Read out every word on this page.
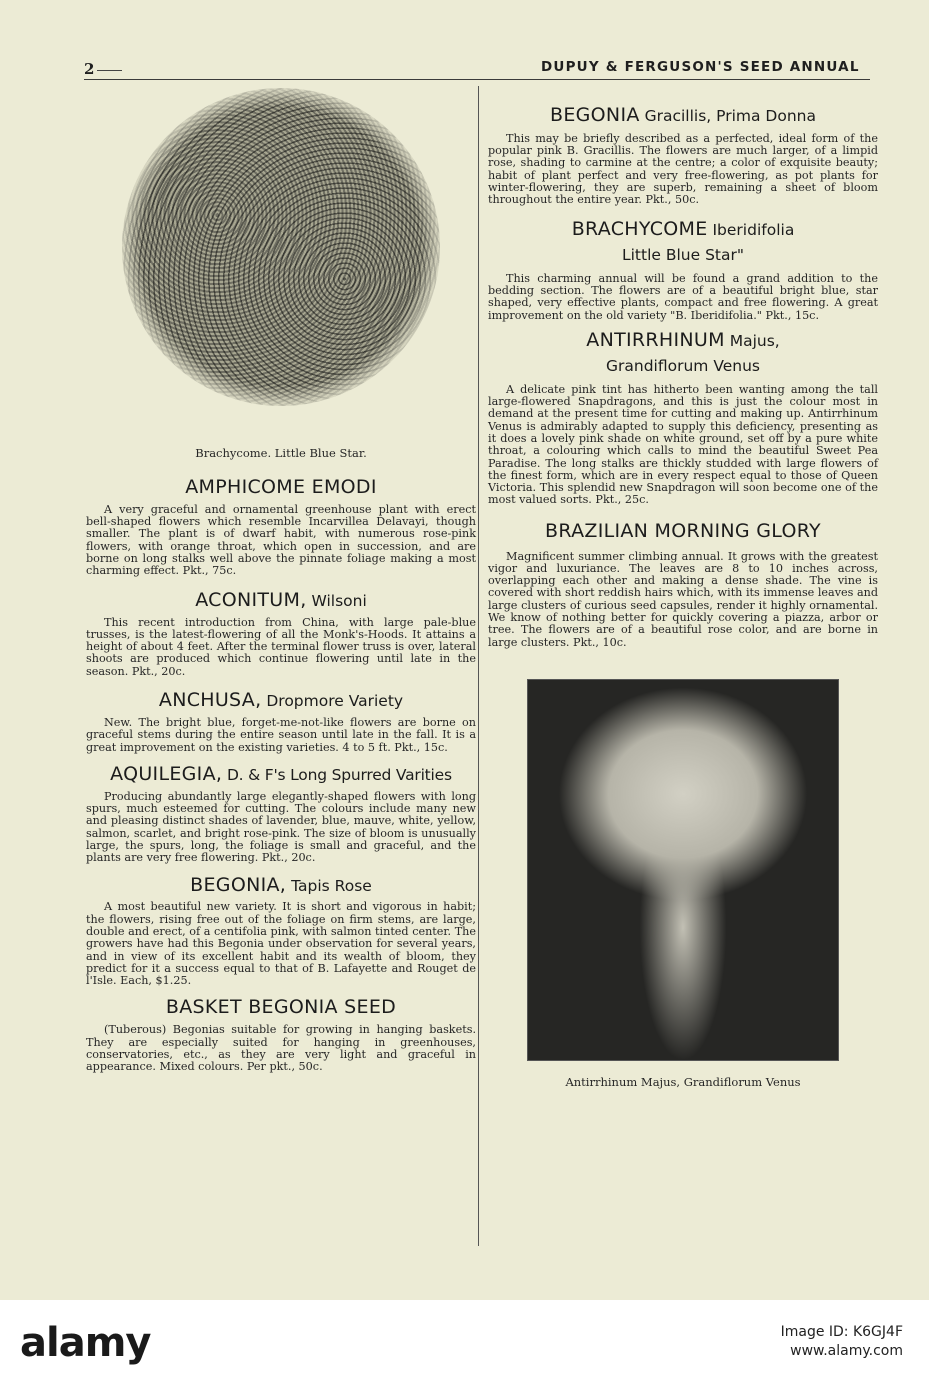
2	DUPUY & FERGUSON'S SEED ANNUAL

Brachycome. Little Blue Star.

AMPHICOME EMODI

A very graceful and ornamental greenhouse plant with erect bell-shaped flowers which resemble Incarvillea Delavayi, though smaller. The plant is of dwarf habit, with numerous rose-pink flowers, with orange throat, which open in succession, and are borne on long stalks well above the pinnate foliage making a most charming effect. Pkt., 75c.

ACONITUM, Wilsoni

This recent introduction from China, with large pale-blue trusses, is the latest-flowering of all the Monk's-Hoods. It attains a height of about 4 feet. After the terminal flower truss is over, lateral shoots are produced which continue flowering until late in the season. Pkt., 20c.

ANCHUSA, Dropmore Variety

New. The bright blue, forget-me-not-like flowers are borne on graceful stems during the entire season until late in the fall. It is a great improvement on the existing varieties. 4 to 5 ft. Pkt., 15c.

AQUILEGIA, D. & F's Long Spurred Varities

Producing abundantly large elegantly-shaped flowers with long spurs, much esteemed for cutting. The colours include many new and pleasing distinct shades of lavender, blue, mauve, white, yellow, salmon, scarlet, and bright rose-pink. The size of bloom is unusually large, the spurs, long, the foliage is small and graceful, and the plants are very free flowering. Pkt., 20c.

BEGONIA, Tapis Rose

A most beautiful new variety. It is short and vigorous in habit; the flowers, rising free out of the foliage on firm stems, are large, double and erect, of a centifolia pink, with salmon tinted center. The growers have had this Begonia under observation for several years, and in view of its excellent habit and its wealth of bloom, they predict for it a success equal to that of B. Lafayette and Rouget de l'Isle. Each, $1.25.

BASKET BEGONIA SEED

(Tuberous) Begonias suitable for growing in hanging baskets. They are especially suited for hanging in greenhouses, conservatories, etc., as they are very light and graceful in appearance. Mixed colours. Per pkt., 50c.

BEGONIA Gracillis, Prima Donna

This may be briefly described as a perfected, ideal form of the popular pink B. Gracillis. The flowers are much larger, of a limpid rose, shading to carmine at the centre; a color of exquisite beauty; habit of plant perfect and very free-flowering, as pot plants for winter-flowering, they are superb, remaining a sheet of bloom throughout the entire year. Pkt., 50c.

BRACHYCOME Iberidifolia
Little Blue Star"

This charming annual will be found a grand addition to the bedding section. The flowers are of a beautiful bright blue, star shaped, very effective plants, compact and free flowering. A great improvement on the old variety "B. Iberidifolia." Pkt., 15c.

ANTIRRHINUM Majus,
Grandiflorum Venus

A delicate pink tint has hitherto been wanting among the tall large-flowered Snapdragons, and this is just the colour most in demand at the present time for cutting and making up. Antirrhinum Venus is admirably adapted to supply this deficiency, presenting as it does a lovely pink shade on white ground, set off by a pure white throat, a colouring which calls to mind the beautiful Sweet Pea Paradise. The long stalks are thickly studded with large flowers of the finest form, which are in every respect equal to those of Queen Victoria. This splendid new Snapdragon will soon become one of the most valued sorts. Pkt., 25c.

BRAZILIAN MORNING GLORY

Magnificent summer climbing annual. It grows with the greatest vigor and luxuriance. The leaves are 8 to 10 inches across, overlapping each other and making a dense shade. The vine is covered with short reddish hairs which, with its immense leaves and large clusters of curious seed capsules, render it highly ornamental. We know of nothing better for quickly covering a piazza, arbor or tree. The flowers are of a beautiful rose color, and are borne in large clusters. Pkt., 10c.

Antirrhinum Majus, Grandiflorum Venus

alamy	Image ID: K6GJ4F
www.alamy.com
